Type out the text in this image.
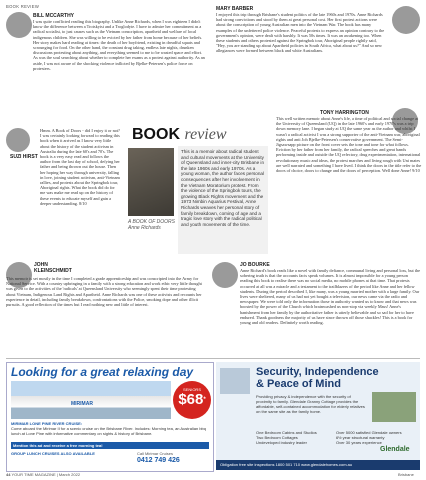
BOOK REVIEW
BILL MCCARTHY

I was quite conflicted reading this biography. Unlike Anne Richards, when I was eighteen I didn't know the difference between a Trotskyist and a Troglodyte. I have to admire her commitment as a radical socialist, to just causes such as the Vietnam conscription, apartheid and welfare of local indigenous children. She was willing to be evicted by her father from home because of her beliefs. Her story makes hard reading at times: the death of her boyfriend, existing in dreadful squats and scrounging for food. On the other hand, the constant drug taking, endless late nights, drunken discussions protesting about anything, and everything seemed to me to be wasted space and effort. As was the soul searching about whether to complete her exams as a protest against authority. As an aside, I was not aware of the shocking violence inflicted by Bjelke-Petersen's police force on protesters.

MARY BARBER

I enjoyed this trip through Brisbane's student politics of the late 1960s and 1970s. Anne Richards had strong convictions and stood by them at great personal cost. Her first protest actions were about the conscription of young Australian men into the Vietnam War. The book has many examples of the unfettered police violence. Peaceful protests to express an opinion contrary to the government's opinion, were dealt with harshly. It was 50s times. It was an awakening too. When these students and others protested against the Springbok tour, Aboriginal people rightly said, "Hey, you are standing up about Apartheid policies in South Africa, what about us?" And so new allegiances were formed between black and white Australians.

SUZI HIRST

Hmm. A Book of Doors - did I enjoy it or not? I was certainly looking forward to reading this book when it arrived as I know very little about the history of the student activism in Australia during the late 60's and 70's. The book is a very easy read and follows the author from the last day of school, defying her father and being thrown out the house. Then her hoping her way through university, falling in love, joining student activism, anti-Vietnam rallies, and protests about the Springbok tour, Aboriginal rights. What the book did do for me was make me read up on the history of these events to educate myself and gain a deeper understanding. 8/10

BOOK review
A BOOK OF DOORS
Anne Richards

This is a memoir about radical student and cultural movements at the University of Queensland and inner-city Brisbane in the late 1960s and early 1970s. As a young woman, the author faces personal consequences after her involvement in the Vietnam Moratorium protest. From the violence of the Springbok tours, the growing Black Rights movement and the 1973 Nimbin Aquarius Festival, Anne Richards weaves her personal story of family breakdown, coming of age and a tragic love story with the radical political and youth movements of the time.

TONY HARRINGTON

This well written memoir about Anne's life, a time of political and social change at the University of Queensland (UQ) in the late 1960's and early 1970's was a trip down memory lane. I began study at UQ the same year as the author and whilst I wasn't a radical activist I was a strong supporter of the anti-Vietnam war, aboriginal rights and anti Joh Bjelke-Petersen's conservative government. The Semi-Jigsawsapp picture on the front cover sets the tone and tone for what follows. Eviction by her father from her family, the radical speeches and great bands performing inside and outside the UQ refectory, drug experimentation, international revolutionary music and ideas, the protest marches and living rough with Uni mates are well narrated and something I have lived. I think the doors in the title refer to the doors of choice, doors to change and the doors of perception. Well done Anne! 9/10

JOHN KLEINSCHMIDT

This memoir is set mostly in the time I completed a grade apprenticeship and was conscripted into the Army for National Service. With a country upbringing in a family with a strong education and work ethic very little thought was given to the activities of the 'radicals' at Queensland University who seemingly spent their time protesting about Vietnam, Indigenous Land Rights and Apartheid. Anne Richards was one of these activists and recounts her experience in detail, including family breakdown, confrontations with the Police, smoking dope and other illicit pursuits. A good reflection of the times but I read nothing new and little of interest.

JO BOURKE

Anne Richard's book reads like a novel with family defiance, communal living and personal loss, but the sobering truth is that the accounts facts speak volumes. It is almost impossible for a young person reading this book to realise there was no social media, no mobile phones at that time. That protests occurred at all was a miracle and a testament to the trailblazers of the period like Anne and her fellow students. During the period described I, like many, was a young married mother with a large family. Our lives were sheltered, many of us had not yet bought a television, our news came via the radio and newspaper. We were told only the information those in authority wanted us to know and that news was boosted by the power of the Church which brainwashed us non-stop via weekly Mass! Anne's banishment from her family by the authoritative father is utterly believable and so sad for her to have endured. Thank goodness the majority of us have since thrown off those shackles! This is a book for young and old readers. Definitely worth reading.

Looking for a great relaxing day
MIRIMAR
SENIORS
$68*
MIRIMAR LONE PINE RIVER CRUISE:
Come aboard the Mirimar II for a scenic cruise on the Brisbane River. Includes: Morning tea, an Australian bbq lunch at Lone Pine with informative commentary on sights & history of Brisbane.
Mention this ad and receive a free morning tea!
GROUP LUNCH CRUISES ALSO AVAILABLE	Call Mirimar Cruises
0412 749 426
Security, Independence
& Peace of Mind
Providing privacy & independence with the security of proximity to family. Glendale Granny Cottage provides the affordable, self-contained accommodation for elderly relatives on the same site as the family home.
One Bedroom Cabins and Studios
Two Bedroom Cottages
Undeveloped industry leader
Over 5000 satisfied Glendale owners
6½ year structural warranty
Over 30 years experience
Glendale
Obligation free site inspections 1800 501 710 www.glendalehomes.com.au
44 YOUR TIME MAGAZINE | March 2022	Brisbane
